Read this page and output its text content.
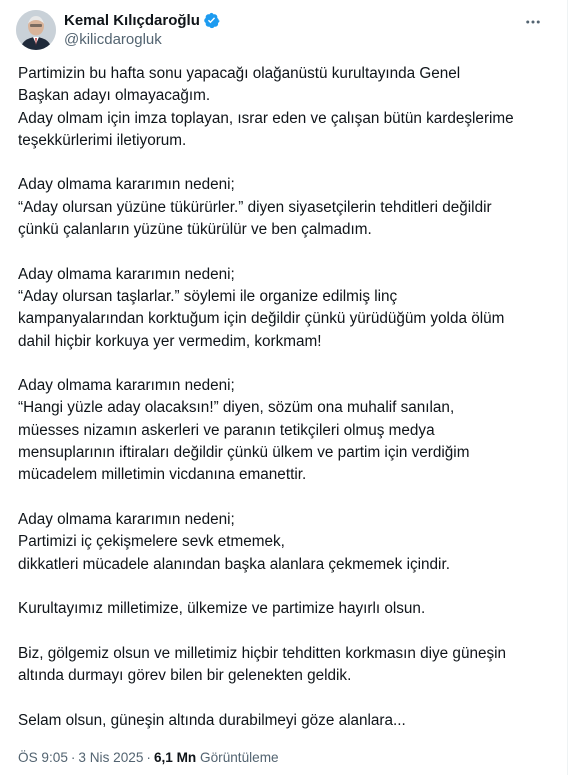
Kemal Kılıçdaroğlu
@kilicdarogluk
Partimizin bu hafta sonu yapacağı olağanüstü kurultayında Genel
Başkan adayı olmayacağım.
Aday olmam için imza toplayan, ısrar eden ve çalışan bütün kardeşlerime
teşekkürlerimi iletiyorum.
Aday olmama kararımın nedeni;
“Aday olursan yüzüne tükürürler.” diyen siyasetçilerin tehditleri değildir
çünkü çalanların yüzüne tükürülür ve ben çalmadım.
Aday olmama kararımın nedeni;
“Aday olursan taşlarlar.” söylemi ile organize edilmiş linç
kampanyalarından korktuğum için değildir çünkü yürüdüğüm yolda ölüm
dahil hiçbir korkuya yer vermedim, korkmam!
Aday olmama kararımın nedeni;
“Hangi yüzle aday olacaksın!” diyen, sözüm ona muhalif sanılan,
müesses nizamın askerleri ve paranın tetikçileri olmuş medya
mensuplarının iftiraları değildir çünkü ülkem ve partim için verdiğim
mücadelem milletimin vicdanına emanettir.
Aday olmama kararımın nedeni;
Partimizi iç çekişmelere sevk etmemek,
dikkatleri mücadele alanından başka alanlara çekmemek içindir.
Kurultayımız milletimize, ülkemize ve partimize hayırlı olsun.
Biz, gölgemiz olsun ve milletimiz hiçbir tehditten korkmasın diye güneşin
altında durmayı görev bilen bir gelenekten geldik.
Selam olsun, güneşin altında durabilmeyi göze alanlara...
ÖS 9:05 · 3 Nis 2025 · 6,1 Mn Görüntüleme
